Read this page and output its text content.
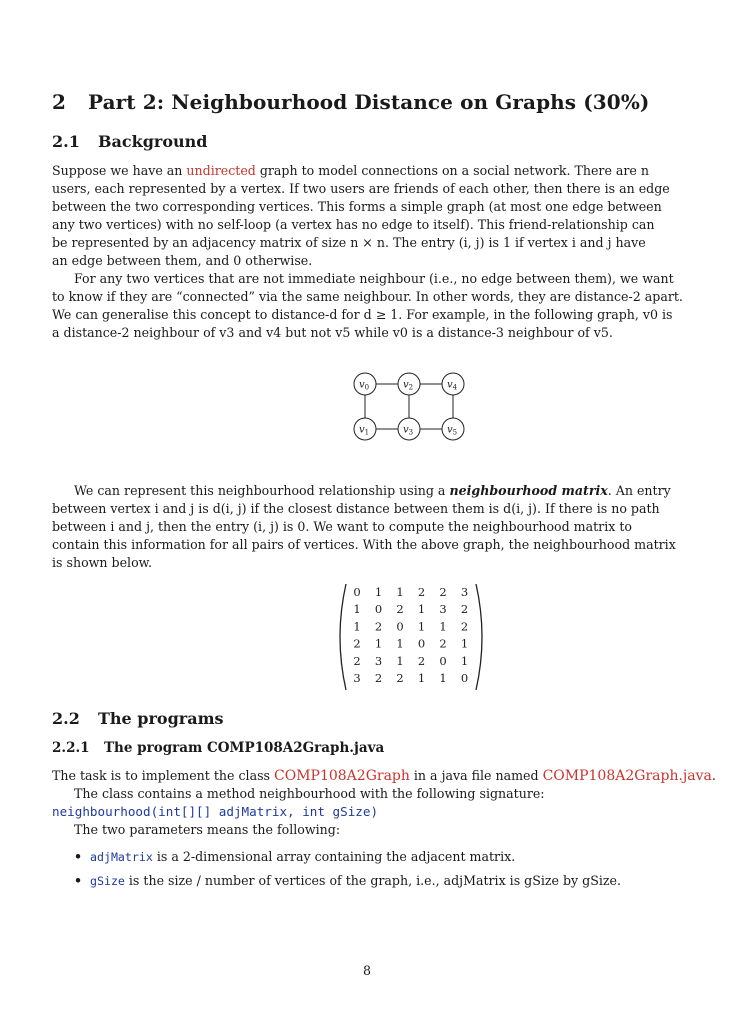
2 Part 2: Neighbourhood Distance on Graphs (30%)
2.1 Background
Suppose we have an undirected graph to model connections on a social network. There are n
users, each represented by a vertex. If two users are friends of each other, then there is an edge
between the two corresponding vertices. This forms a simple graph (at most one edge between
any two vertices) with no self-loop (a vertex has no edge to itself). This friend-relationship can
be represented by an adjacency matrix of size n × n. The entry (i, j) is 1 if vertex i and j have
an edge between them, and 0 otherwise.
For any two vertices that are not immediate neighbour (i.e., no edge between them), we want
to know if they are “connected” via the same neighbour. In other words, they are distance-2 apart.
We can generalise this concept to distance-d for d ≥ 1. For example, in the following graph, v0 is
a distance-2 neighbour of v3 and v4 but not v5 while v0 is a distance-3 neighbour of v5.
$v_0$	$v_2$	$v_4$
$v_1$	$v_3$	$v_5$
We can represent this neighbourhood relationship using a neighbourhood matrix. An entry
between vertex i and j is d(i, j) if the closest distance between them is d(i, j). If there is no path
between i and j, then the entry (i, j) is 0. We want to compute the neighbourhood matrix to
contain this information for all pairs of vertices. With the above graph, the neighbourhood matrix
is shown below.
0 1 1 2 2 3
1 0 2 1 3 2
1 2 0 1 1 2
2 1 1 0 2 1
2 3 1 2 0 1
3 2 2 1 1 0
2.2 The programs
2.2.1 The program COMP108A2Graph.java
The task is to implement the class COMP108A2Graph in a java file named COMP108A2Graph.java.
The class contains a method neighbourhood with the following signature:
neighbourhood(int[][] adjMatrix, int gSize)
The two parameters means the following:
• adjMatrix is a 2-dimensional array containing the adjacent matrix.
• gSize is the size / number of vertices of the graph, i.e., adjMatrix is gSize by gSize.
8
